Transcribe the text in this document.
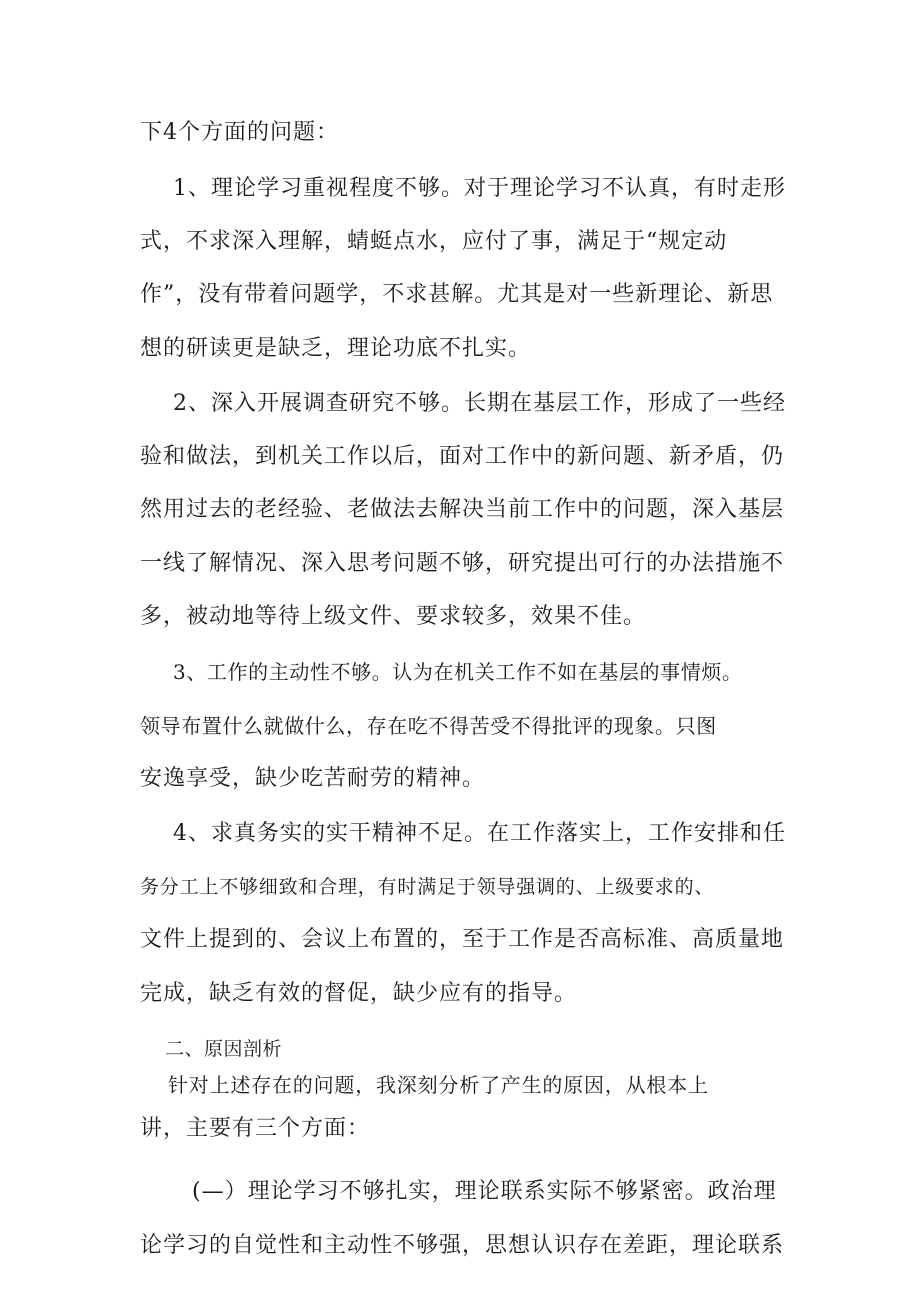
下4个方面的问题：
1、理论学习重视程度不够。对于理论学习不认真，有时走形
式，不求深入理解，蜻蜓点水，应付了事，满足于“规定动
作”，没有带着问题学，不求甚解。尤其是对一些新理论、新思
想的研读更是缺乏，理论功底不扎实。
2、深入开展调查研究不够。长期在基层工作，形成了一些经
验和做法，到机关工作以后，面对工作中的新问题、新矛盾，仍
然用过去的老经验、老做法去解决当前工作中的问题，深入基层
一线了解情况、深入思考问题不够，研究提出可行的办法措施不
多，被动地等待上级文件、要求较多，效果不佳。
3、工作的主动性不够。认为在机关工作不如在基层的事情烦。
领导布置什么就做什么，存在吃不得苦受不得批评的现象。只图
安逸享受，缺少吃苦耐劳的精神。
4、求真务实的实干精神不足。在工作落实上，工作安排和任
务分工上不够细致和合理，有时满足于领导强调的、上级要求的、
文件上提到的、会议上布置的，至于工作是否高标准、高质量地
完成，缺乏有效的督促，缺少应有的指导。
二、原因剖析
针对上述存在的问题，我深刻分析了产生的原因，从根本上
讲，主要有三个方面：
(—）理论学习不够扎实，理论联系实际不够紧密。政治理
论学习的自觉性和主动性不够强，思想认识存在差距，理论联系
